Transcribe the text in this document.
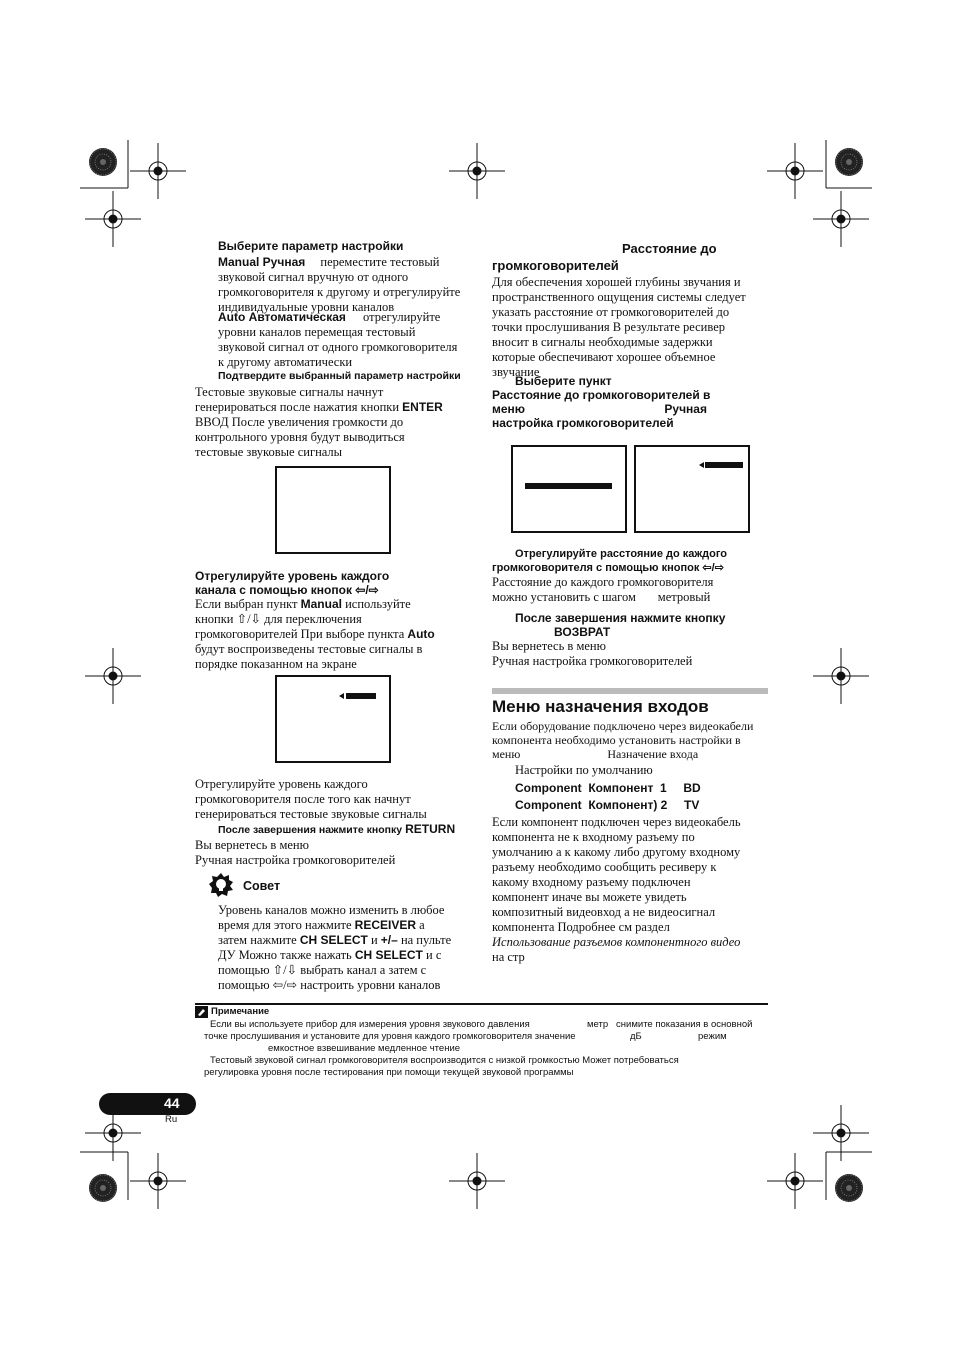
Выберите параметр настройки
Manual Ручная переместите тестовый
звуковой сигнал вручную от одного
громкоговорителя к другому и отрегулируйте
индивидуальные уровни каналов
Auto Автоматическая отрегулируйте
уровни каналов перемещая тестовый
звуковой сигнал от одного громкоговорителя
к другому автоматически
Подтвердите выбранный параметр настройки
Тестовые звуковые сигналы начнут
генерироваться после нажатия кнопки ENTER
ВВОД После увеличения громкости до
контрольного уровня будут выводиться
тестовые звуковые сигналы
Отрегулируйте уровень каждого
канала с помощью кнопок ⇦/⇨
Если выбран пункт Manual используйте
кнопки ⇧/⇩ для переключения
громкоговорителей При выборе пункта Auto
будут воспроизведены тестовые сигналы в
порядке показанном на экране
Отрегулируйте уровень каждого
громкоговорителя после того как начнут
генерироваться тестовые звуковые сигналы
После завершения нажмите кнопку RETURN
Вы вернетесь в меню
Ручная настройка громкоговорителей
Совет
Уровень каналов можно изменить в любое
время для этого нажмите RECEIVER а
затем нажмите CH SELECT и +/– на пульте
ДУ Можно также нажать CH SELECT и с
помощью ⇧/⇩ выбрать канал а затем с
помощью ⇦/⇨ настроить уровни каналов
Расстояние до
громкоговорителей
Для обеспечения хорошей глубины звучания и
пространственного ощущения системы следует
указать расстояние от громкоговорителей до
точки прослушивания В результате ресивер
вносит в сигналы необходимые задержки
которые обеспечивают хорошее объемное
звучание
Выберите пункт
Расстояние до громкоговорителей в
меню	Ручная
настройка громкоговорителей
Отрегулируйте расстояние до каждого
громкоговорителя с помощью кнопок ⇦/⇨
Расстояние до каждого громкоговорителя
можно установить с шагом       метровый
После завершения нажмите кнопку
ВОЗВРАТ
Вы вернетесь в меню
Ручная настройка громкоговорителей
Меню назначения входов
Если оборудование подключено через видеокабели
компонента необходимо установить настройки в
меню	Назначение входа
Настройки по умолчанию
Component  Компонент  1     BD
Component  Компонент) 2     TV
Если компонент подключен через видеокабель
компонента не к входному разъему по
умолчанию а к какому либо другому входному
разъему необходимо сообщить ресиверу к
какому входному разъему подключен
компонент иначе вы можете увидеть
композитный видеовход а не видеосигнал
компонента Подробнее см раздел
Использование разъемов компонентного видео
на стр
Примечание
Если вы используете прибор для измерения уровня звукового давления	метр   снимите показания в основной
точке прослушивания и установите для уровня каждого громкоговорителя значение	дБ	режим
емкостное взвешивание медленное чтение
Тестовый звуковой сигнал громкоговорителя воспроизводится с низкой громкостью Может потребоваться
регулировка уровня после тестирования при помощи текущей звуковой программы
44
Ru
